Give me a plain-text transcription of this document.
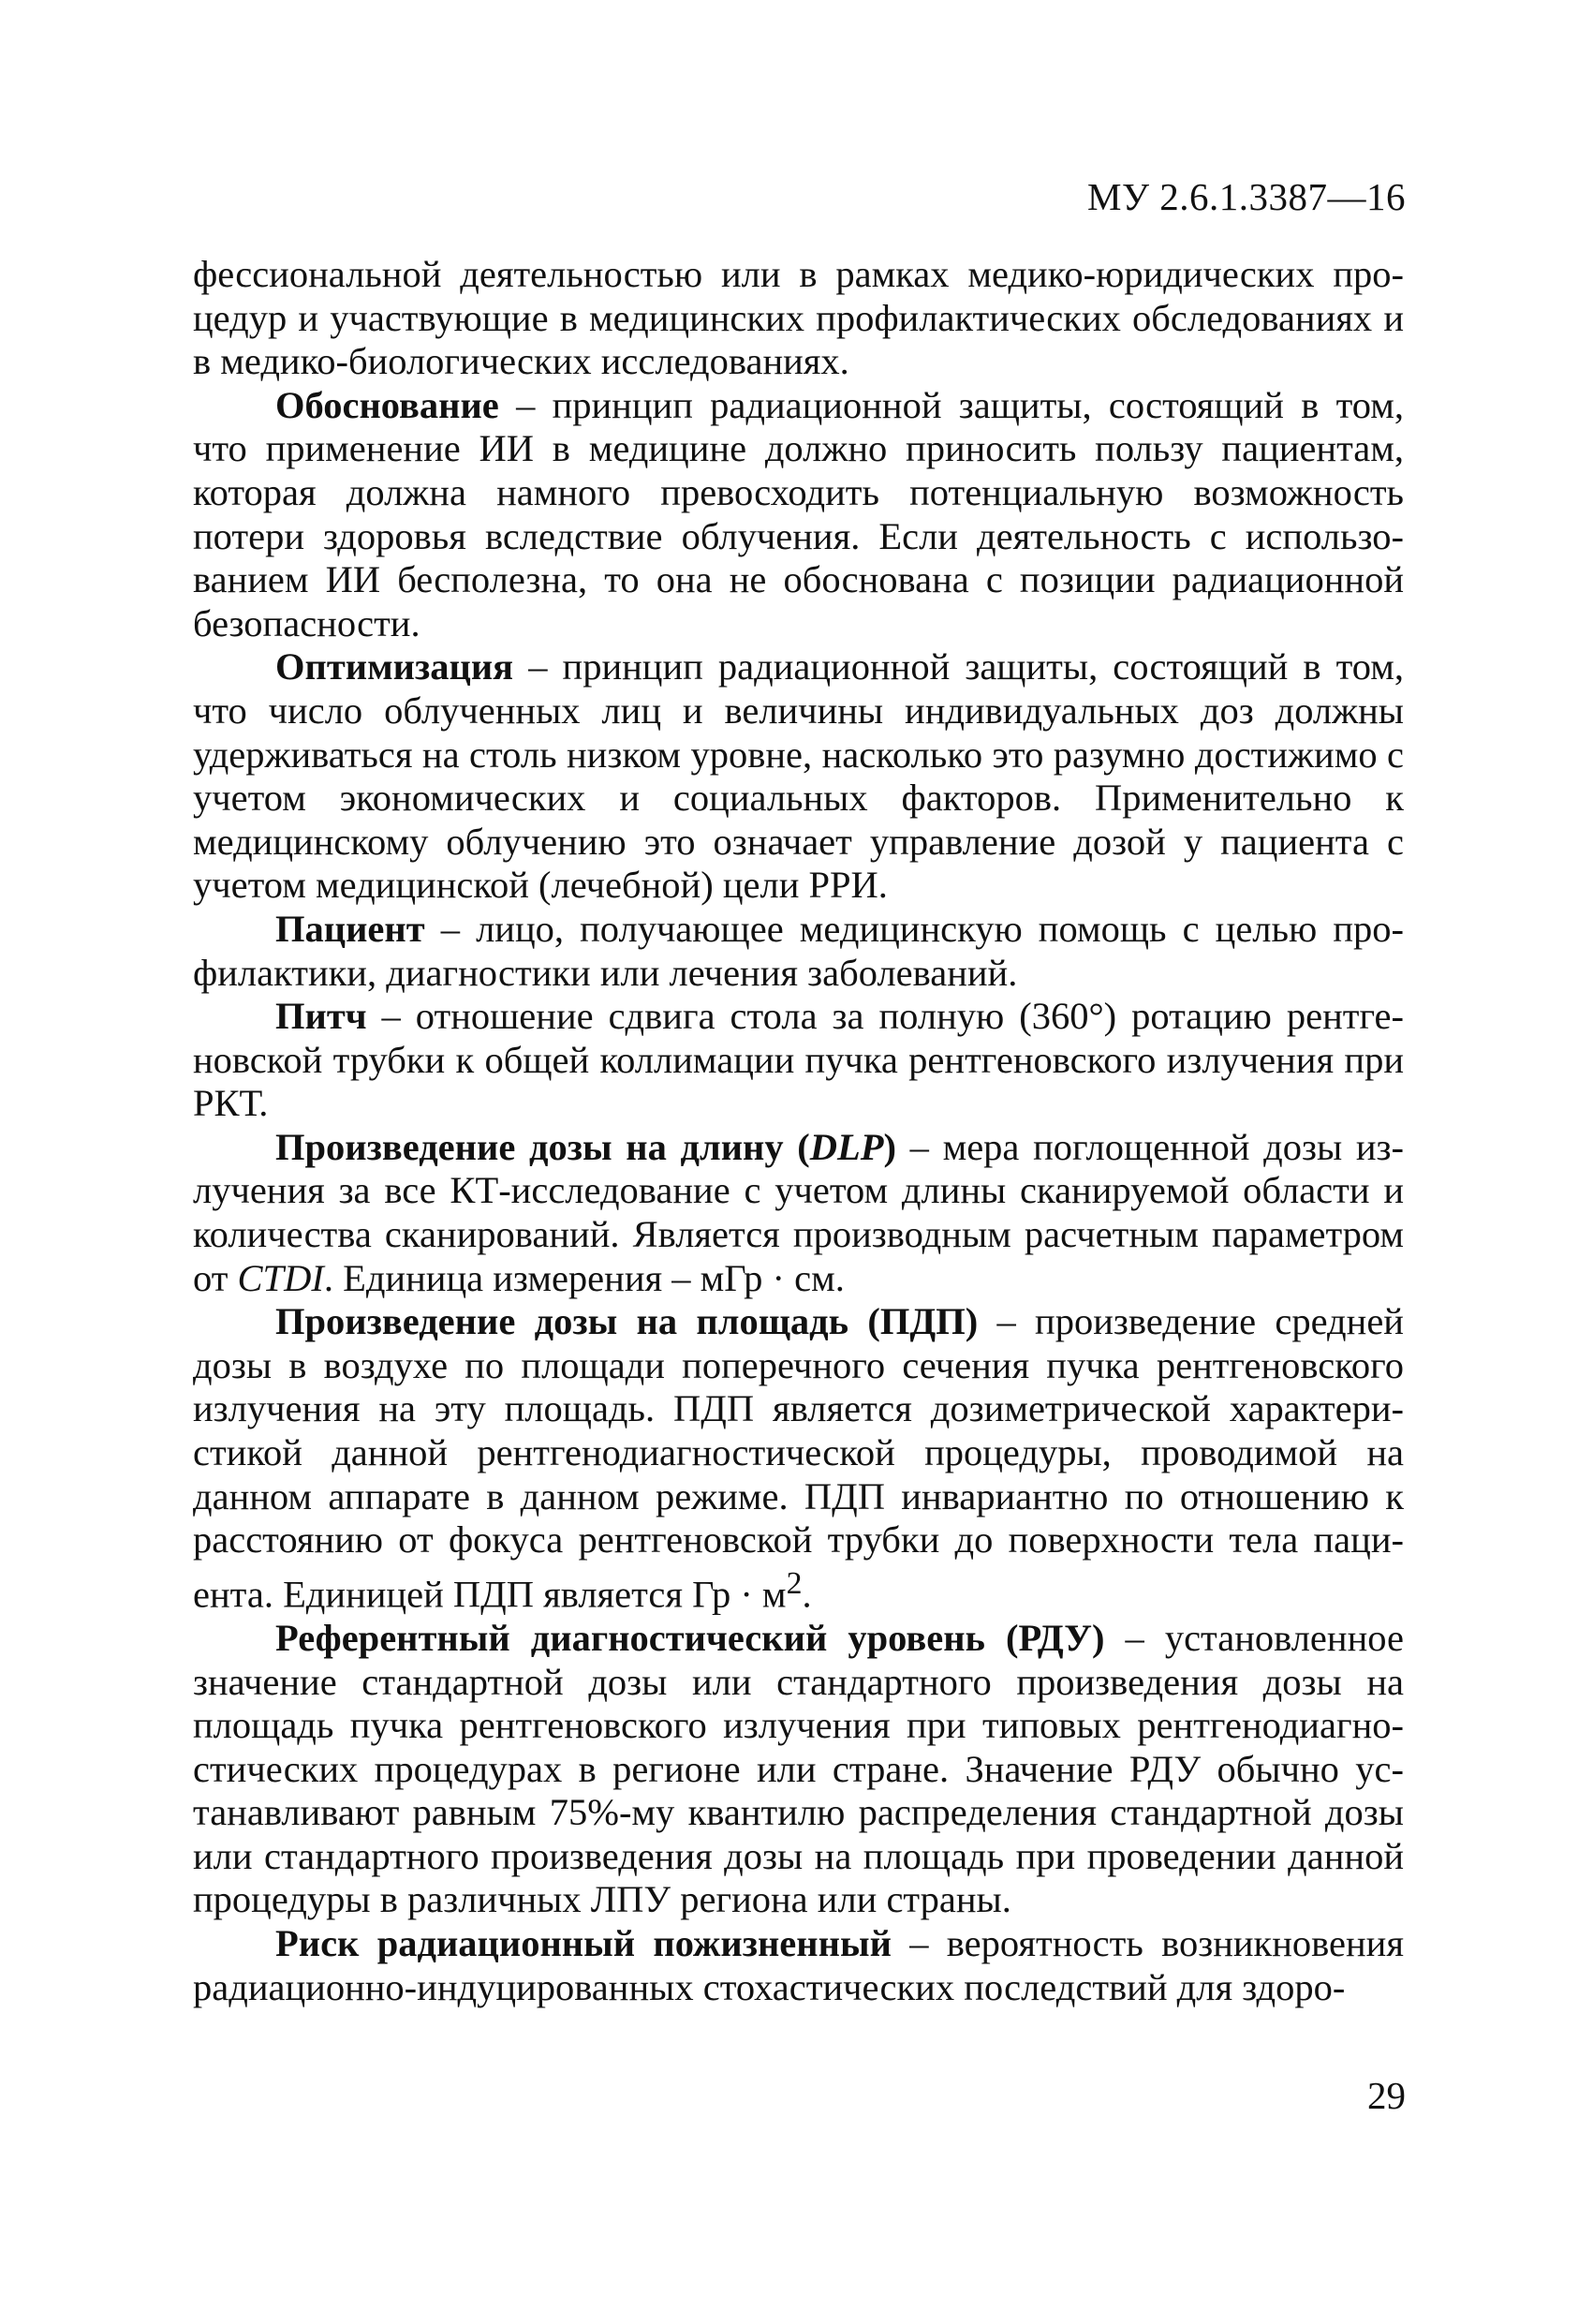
МУ 2.6.1.3387—16

фессиональной деятельностью или в рамках медико-юридических процедур и участвующие в медицинских профилактических обследованиях и в медико-биологических исследованиях.

Обоснование – принцип радиационной защиты, состоящий в том, что применение ИИ в медицине должно приносить пользу пациентам, которая должна намного превосходить потенциальную возможность потери здоровья вследствие облучения. Если деятельность с использованием ИИ бесполезна, то она не обоснована с позиции радиационной безопасности.

Оптимизация – принцип радиационной защиты, состоящий в том, что число облученных лиц и величины индивидуальных доз должны удерживаться на столь низком уровне, насколько это разумно достижимо с учетом экономических и социальных факторов. Применительно к медицинскому облучению это означает управление дозой у пациента с учетом медицинской (лечебной) цели РРИ.

Пациент – лицо, получающее медицинскую помощь с целью профилактики, диагностики или лечения заболеваний.

Питч – отношение сдвига стола за полную (360°) ротацию рентгеновской трубки к общей коллимации пучка рентгеновского излучения при РКТ.

Произведение дозы на длину (DLP) – мера поглощенной дозы излучения за все КТ-исследование с учетом длины сканируемой области и количества сканирований. Является производным расчетным параметром от CTDI. Единица измерения – мГр · см.

Произведение дозы на площадь (ПДП) – произведение средней дозы в воздухе по площади поперечного сечения пучка рентгеновского излучения на эту площадь. ПДП является дозиметрической характеристикой данной рентгенодиагностической процедуры, проводимой на данном аппарате в данном режиме. ПДП инвариантно по отношению к расстоянию от фокуса рентгеновской трубки до поверхности тела пациента. Единицей ПДП является Гр · $м^2$.

Референтный диагностический уровень (РДУ) – установленное значение стандартной дозы или стандартного произведения дозы на площадь пучка рентгеновского излучения при типовых рентгенодиагностических процедурах в регионе или стране. Значение РДУ обычно устанавливают равным 75%-му квантилю распределения стандартной дозы или стандартного произведения дозы на площадь при проведении данной процедуры в различных ЛПУ региона или страны.

Риск радиационный пожизненный – вероятность возникновения радиационно-индуцированных стохастических последствий для здоро-

29
